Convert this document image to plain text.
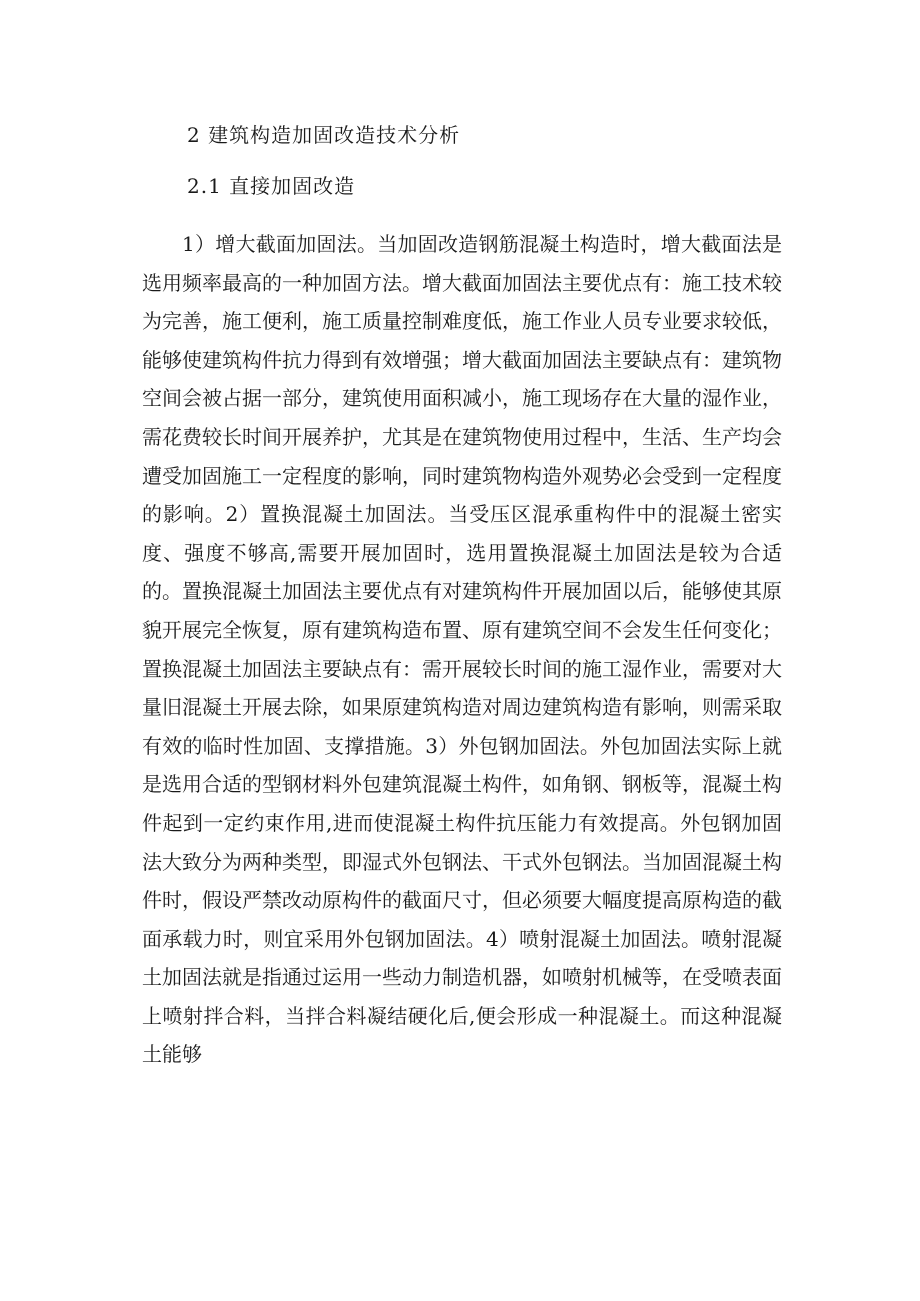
2 建筑构造加固改造技术分析
2.1 直接加固改造

1）增大截面加固法。当加固改造钢筋混凝土构造时，增大截面法是选用频率最高的一种加固方法。增大截面加固法主要优点有：施工技术较为完善，施工便利，施工质量控制难度低，施工作业人员专业要求较低，能够使建筑构件抗力得到有效增强；增大截面加固法主要缺点有：建筑物空间会被占据一部分，建筑使用面积减小，施工现场存在大量的湿作业，需花费较长时间开展养护，尤其是在建筑物使用过程中，生活、生产均会遭受加固施工一定程度的影响，同时建筑物构造外观势必会受到一定程度的影响。2）置换混凝土加固法。当受压区混承重构件中的混凝土密实度、强度不够高,需要开展加固时，选用置换混凝土加固法是较为合适的。置换混凝土加固法主要优点有对建筑构件开展加固以后，能够使其原貌开展完全恢复，原有建筑构造布置、原有建筑空间不会发生任何变化；置换混凝土加固法主要缺点有：需开展较长时间的施工湿作业，需要对大量旧混凝土开展去除，如果原建筑构造对周边建筑构造有影响，则需采取有效的临时性加固、支撑措施。3）外包钢加固法。外包加固法实际上就是选用合适的型钢材料外包建筑混凝土构件，如角钢、钢板等，混凝土构件起到一定约束作用,进而使混凝土构件抗压能力有效提高。外包钢加固法大致分为两种类型，即湿式外包钢法、干式外包钢法。当加固混凝土构件时，假设严禁改动原构件的截面尺寸，但必须要大幅度提高原构造的截面承载力时，则宜采用外包钢加固法。4）喷射混凝土加固法。喷射混凝土加固法就是指通过运用一些动力制造机器，如喷射机械等，在受喷表面上喷射拌合料，当拌合料凝结硬化后,便会形成一种混凝土。而这种混凝土能够
